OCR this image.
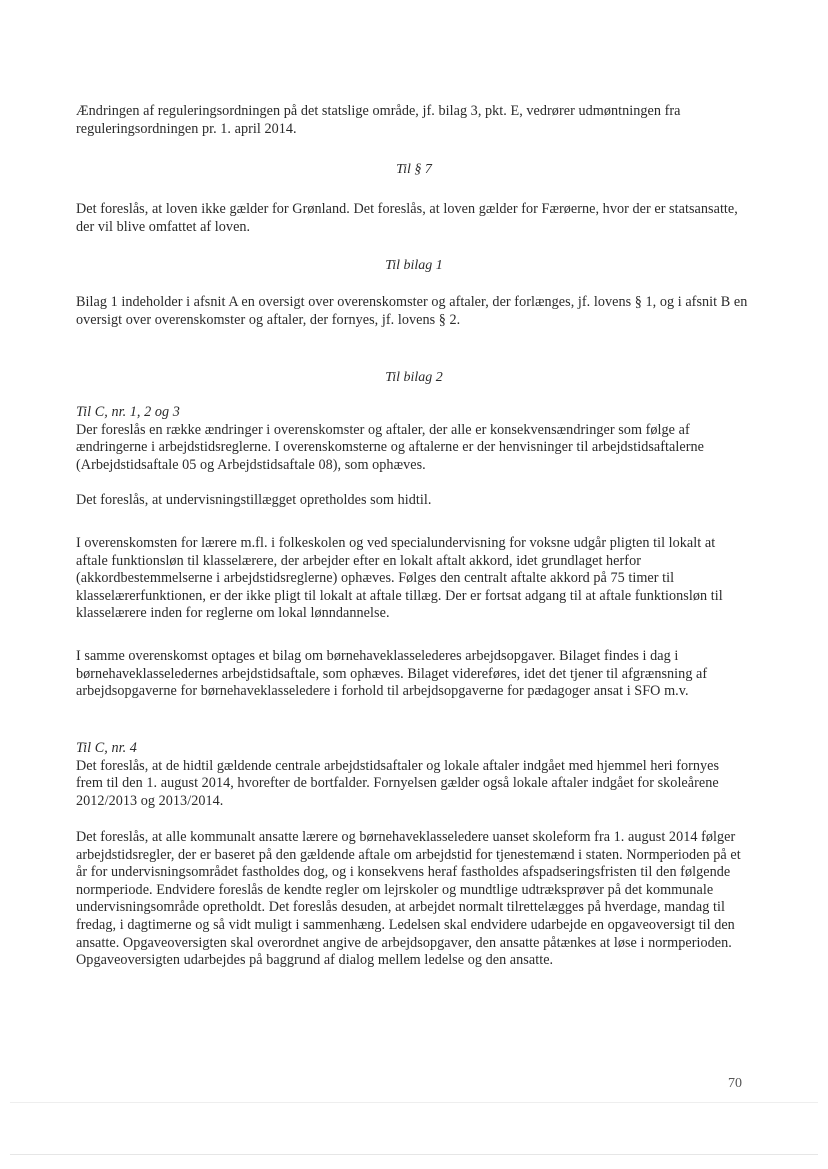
Ændringen af reguleringsordningen på det statslige område, jf. bilag 3, pkt. E, vedrører udmøntningen fra reguleringsordningen pr. 1. april 2014.

Til § 7

Det foreslås, at loven ikke gælder for Grønland. Det foreslås, at loven gælder for Færøerne, hvor der er statsansatte, der vil blive omfattet af loven.

Til bilag 1

Bilag 1 indeholder i afsnit A en oversigt over overenskomster og aftaler, der forlænges, jf. lovens § 1, og i afsnit B en oversigt over overenskomster og aftaler, der fornyes, jf. lovens § 2.

Til bilag 2

Til C, nr. 1, 2 og 3
Der foreslås en række ændringer i overenskomster og aftaler, der alle er konsekvensændringer som følge af ændringerne i arbejdstidsreglerne. I overenskomsterne og aftalerne er der henvisninger til arbejdstidsaftalerne (Arbejdstidsaftale 05 og Arbejdstidsaftale 08), som ophæves.

Det foreslås, at undervisningstillægget opretholdes som hidtil.

I overenskomsten for lærere m.fl. i folkeskolen og ved specialundervisning for voksne udgår pligten til lokalt at aftale funktionsløn til klasselærere, der arbejder efter en lokalt aftalt akkord, idet grundlaget herfor (akkordbestemmelserne i arbejdstidsreglerne) ophæves. Følges den centralt aftalte akkord på 75 timer til klasselærerfunktionen, er der ikke pligt til lokalt at aftale tillæg. Der er fortsat adgang til at aftale funktionsløn til klasselærere inden for reglerne om lokal lønndannelse.

I samme overenskomst optages et bilag om børnehaveklasselederes arbejdsopgaver. Bilaget findes i dag i børnehaveklasseledernes arbejdstidsaftale, som ophæves. Bilaget videreføres, idet det tjener til afgrænsning af arbejdsopgaverne for børnehaveklasseledere i forhold til arbejdsopgaverne for pædagoger ansat i SFO m.v.

Til C, nr. 4
Det foreslås, at de hidtil gældende centrale arbejdstidsaftaler og lokale aftaler indgået med hjemmel heri fornyes frem til den 1. august 2014, hvorefter de bortfalder. Fornyelsen gælder også lokale aftaler indgået for skoleårene 2012/2013 og 2013/2014.

Det foreslås, at alle kommunalt ansatte lærere og børnehaveklasseledere uanset skoleform fra 1. august 2014 følger arbejdstidsregler, der er baseret på den gældende aftale om arbejdstid for tjenestemænd i staten. Normperioden på et år for undervisningsområdet fastholdes dog, og i konsekvens heraf fastholdes afspadseringsfristen til den følgende normperiode. Endvidere foreslås de kendte regler om lejrskoler og mundtlige udtræksprøver på det kommunale undervisningsområde opretholdt. Det foreslås desuden, at arbejdet normalt tilrettelægges på hverdage, mandag til fredag, i dagtimerne og så vidt muligt i sammenhæng. Ledelsen skal endvidere udarbejde en opgaveoversigt til den ansatte. Opgaveoversigten skal overordnet angive de arbejdsopgaver, den ansatte påtænkes at løse i normperioden. Opgaveoversigten udarbejdes på baggrund af dialog mellem ledelse og den ansatte.

70
